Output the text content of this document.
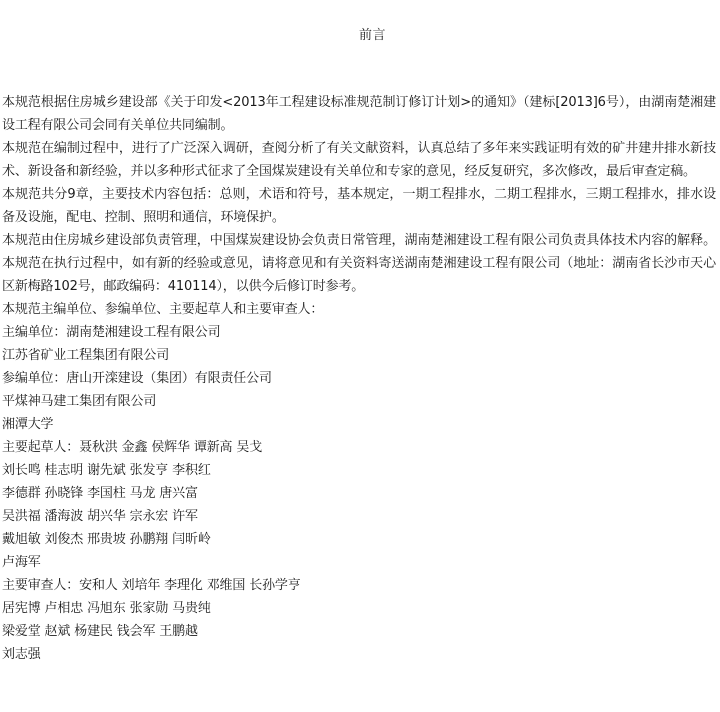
前言

本规范根据住房城乡建设部《关于印发<2013年工程建设标准规范制订修订计划>的通知》（建标[2013]6号），由湖南楚湘建设工程有限公司会同有关单位共同编制。

本规范在编制过程中，进行了广泛深入调研，查阅分析了有关文献资料，认真总结了多年来实践证明有效的矿井建井排水新技术、新设备和新经验，并以多种形式征求了全国煤炭建设有关单位和专家的意见，经反复研究，多次修改，最后审查定稿。

本规范共分9章，主要技术内容包括：总则，术语和符号，基本规定，一期工程排水，二期工程排水，三期工程排水，排水设备及设施，配电、控制、照明和通信，环境保护。

本规范由住房城乡建设部负责管理，中国煤炭建设协会负责日常管理，湖南楚湘建设工程有限公司负责具体技术内容的解释。本规范在执行过程中，如有新的经验或意见，请将意见和有关资料寄送湖南楚湘建设工程有限公司（地址：湖南省长沙市天心区新梅路102号，邮政编码：410114），以供今后修订时参考。

本规范主编单位、参编单位、主要起草人和主要审查人：

主编单位：湖南楚湘建设工程有限公司

江苏省矿业工程集团有限公司

参编单位：唐山开滦建设（集团）有限责任公司

平煤神马建工集团有限公司

湘潭大学

主要起草人：聂秋洪 金鑫 侯辉华 谭新高 吴戈

刘长鸣 桂志明 谢先斌 张发亨 李积红

李德群 孙晓锋 李国柱 马龙 唐兴富

吴洪福 潘海波 胡兴华 宗永宏 许军

戴旭敏 刘俊杰 邢贵坡 孙鹏翔 闫昕岭

卢海军

主要审查人：安和人 刘培年 李理化 邓维国 长孙学亨

居宪博 卢相忠 冯旭东 张家勋 马贵纯

梁爱堂 赵斌 杨建民 钱会军 王鹏越

刘志强
